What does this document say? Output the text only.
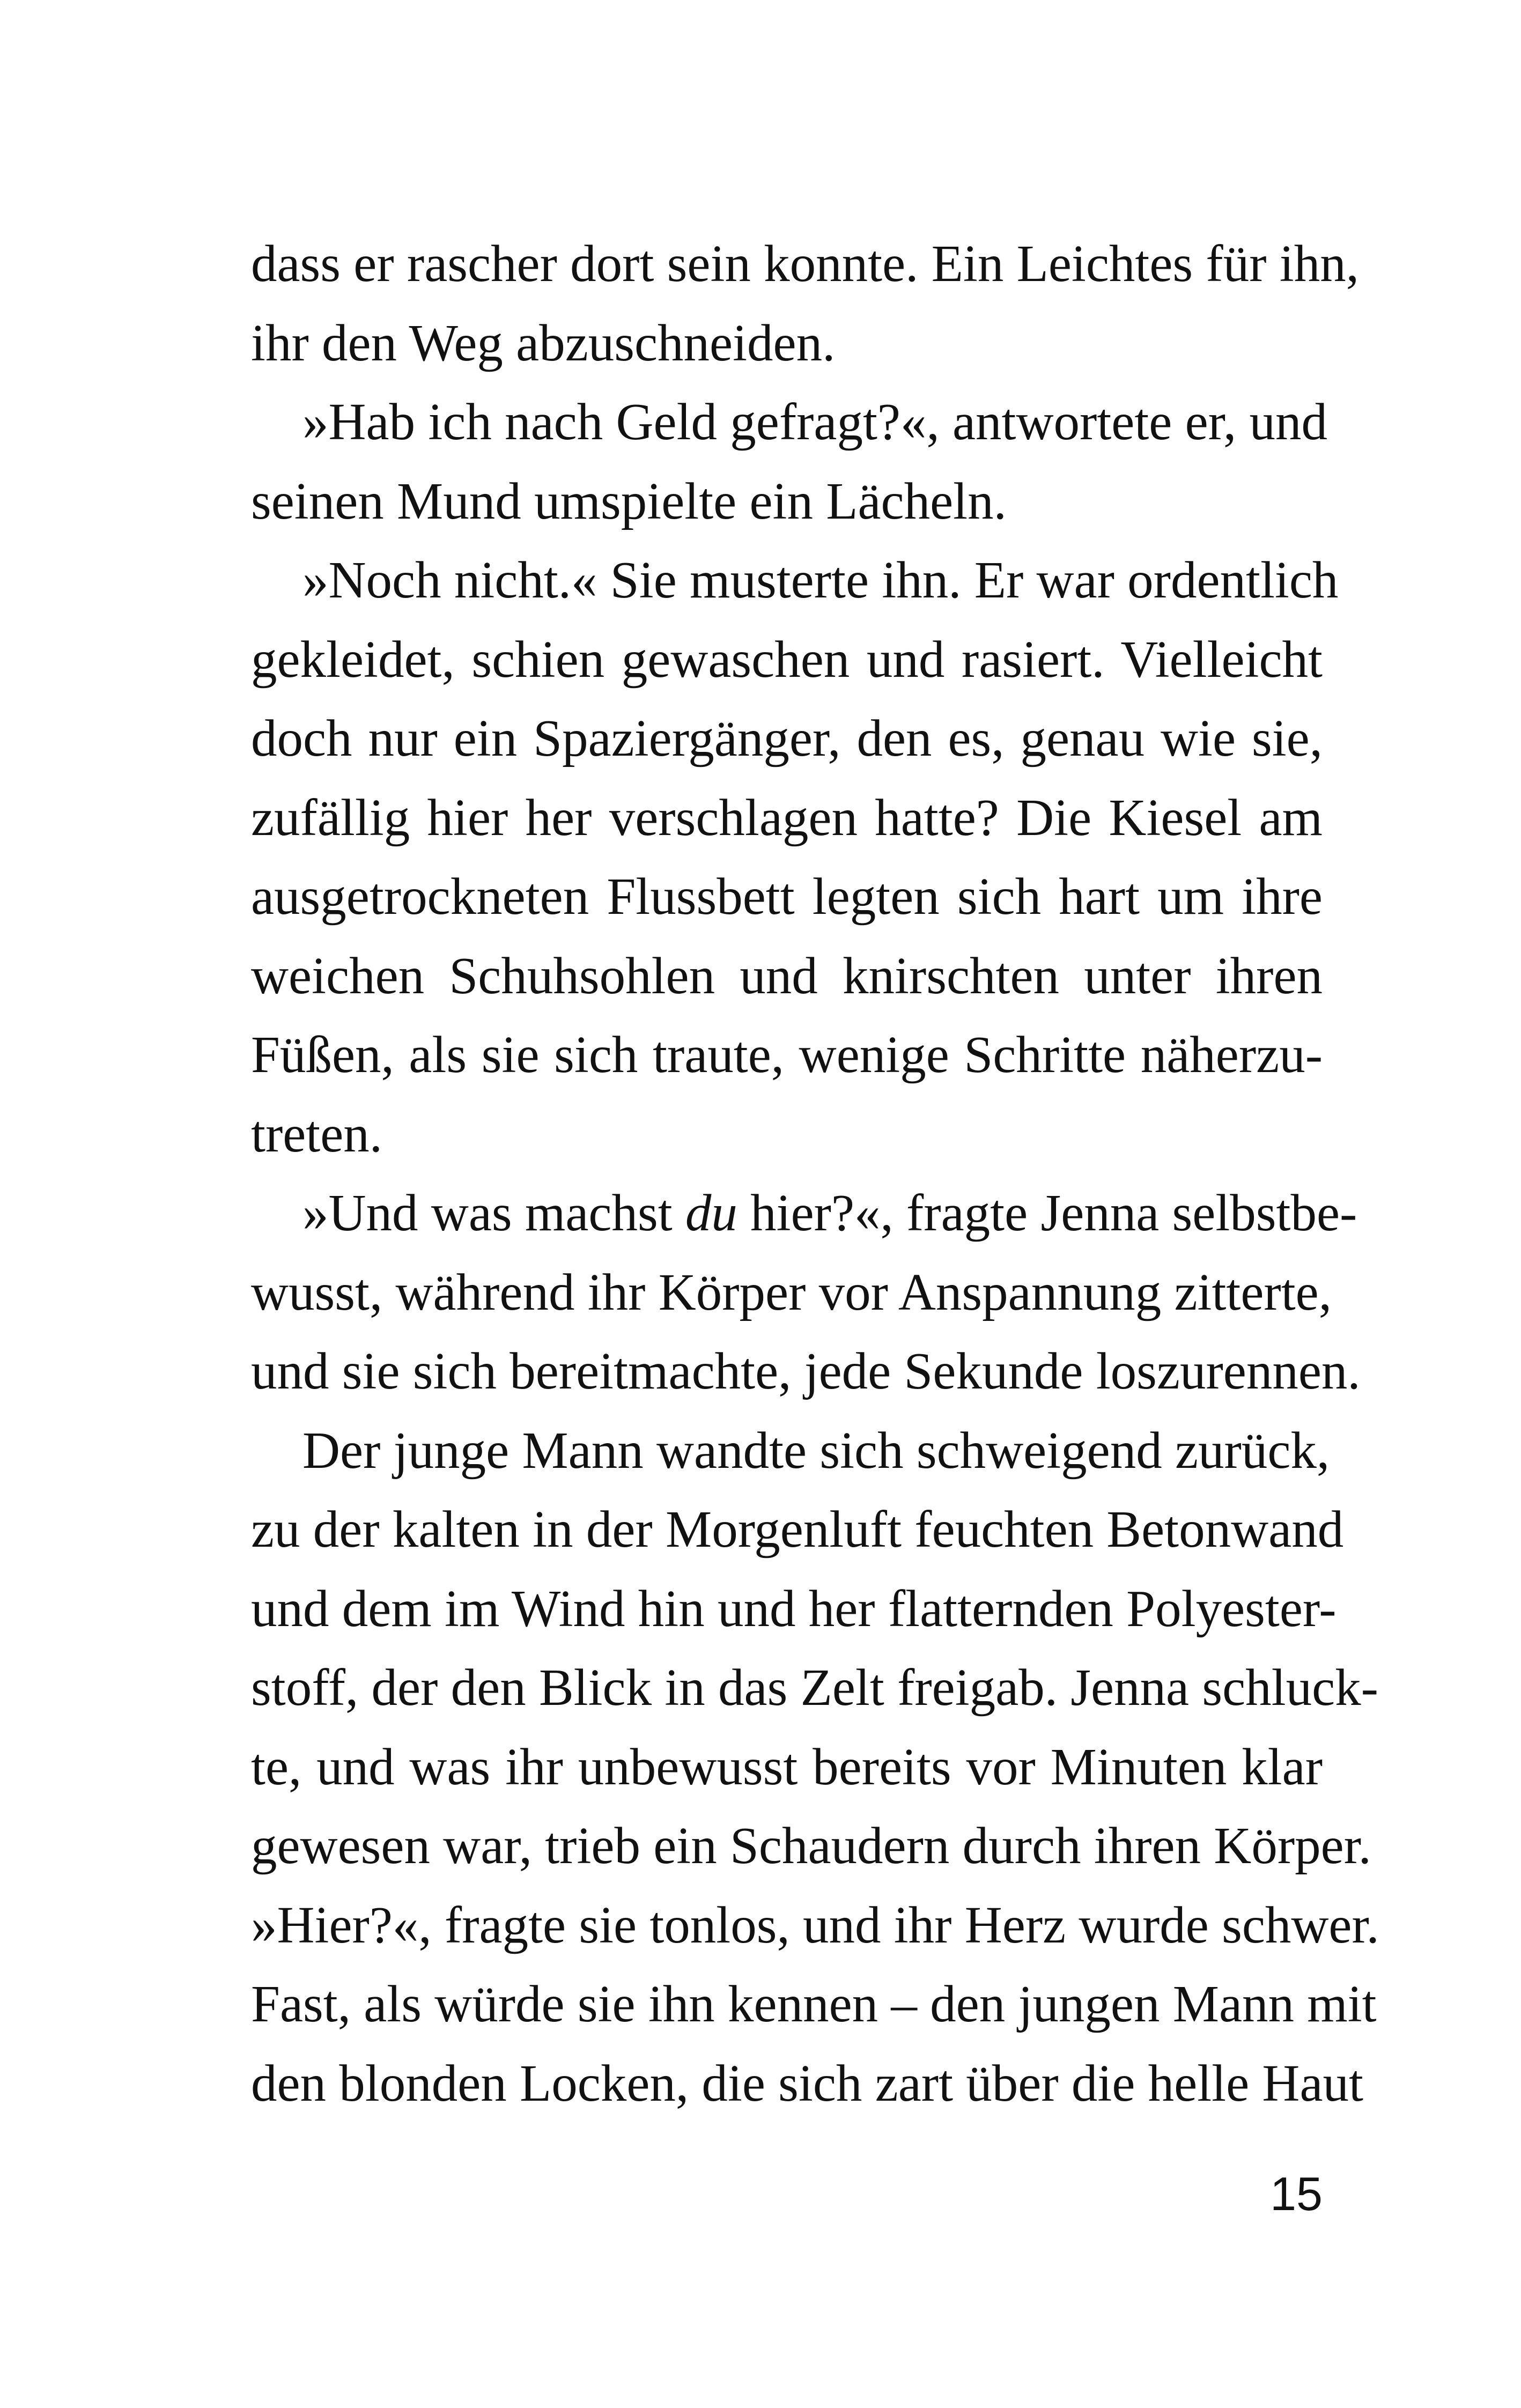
dass er rascher dort sein konnte. Ein Leichtes für ihn,
ihr den Weg abzuschneiden.
»Hab ich nach Geld gefragt?«, antwortete er, und
seinen Mund umspielte ein Lächeln.
»Noch nicht.« Sie musterte ihn. Er war ordentlich
gekleidet, schien gewaschen und rasiert. Vielleicht
doch nur ein Spaziergänger, den es, genau wie sie,
zufällig hier her verschlagen hatte? Die Kiesel am
ausgetrockneten Flussbett legten sich hart um ihre
weichen Schuhsohlen und knirschten unter ihren
Füßen, als sie sich traute, wenige Schritte näherzu-
treten.
»Und was machst du hier?«, fragte Jenna selbstbe-
wusst, während ihr Körper vor Anspannung zitterte,
und sie sich bereitmachte, jede Sekunde loszurennen.
Der junge Mann wandte sich schweigend zurück,
zu der kalten in der Morgenluft feuchten Betonwand
und dem im Wind hin und her flatternden Polyester-
stoff, der den Blick in das Zelt freigab. Jenna schluck-
te, und was ihr unbewusst bereits vor Minuten klar
gewesen war, trieb ein Schaudern durch ihren Körper.
»Hier?«, fragte sie tonlos, und ihr Herz wurde schwer.
Fast, als würde sie ihn kennen – den jungen Mann mit
den blonden Locken, die sich zart über die helle Haut
15
